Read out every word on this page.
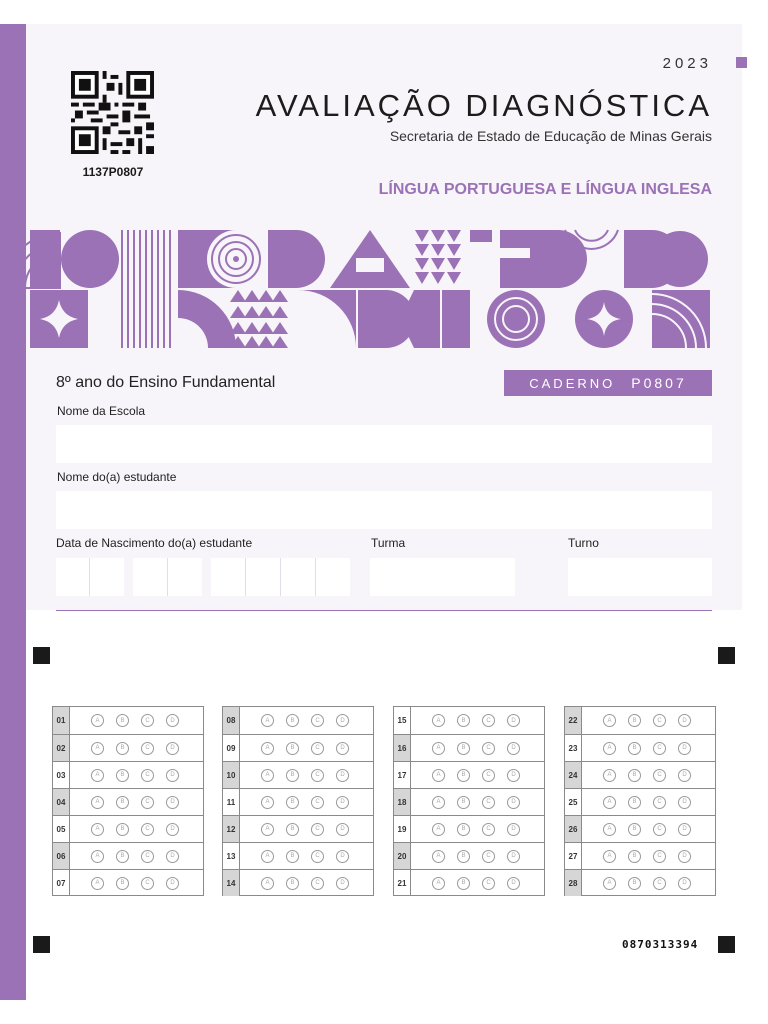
1137P0807
2023
AVALIAÇÃO DIAGNÓSTICA
Secretaria de Estado de Educação de Minas Gerais
LÍNGUA PORTUGUESA E LÍNGUA INGLESA
8º ano do Ensino Fundamental	CADERNO P0807
Nome da Escola
Nome do(a) estudante
Data de Nascimento do(a) estudante	Turma	Turno
01	A	B	C	D
02	A	B	C	D
03	A	B	C	D
04	A	B	C	D
05	A	B	C	D
06	A	B	C	D
07	A	B	C	D
08	A	B	C	D
09	A	B	C	D
10	A	B	C	D
11	A	B	C	D
12	A	B	C	D
13	A	B	C	D
14	A	B	C	D
15	A	B	C	D
16	A	B	C	D
17	A	B	C	D
18	A	B	C	D
19	A	B	C	D
20	A	B	C	D
21	A	B	C	D
22	A	B	C	D
23	A	B	C	D
24	A	B	C	D
25	A	B	C	D
26	A	B	C	D
27	A	B	C	D
28	A	B	C	D
0870313394
